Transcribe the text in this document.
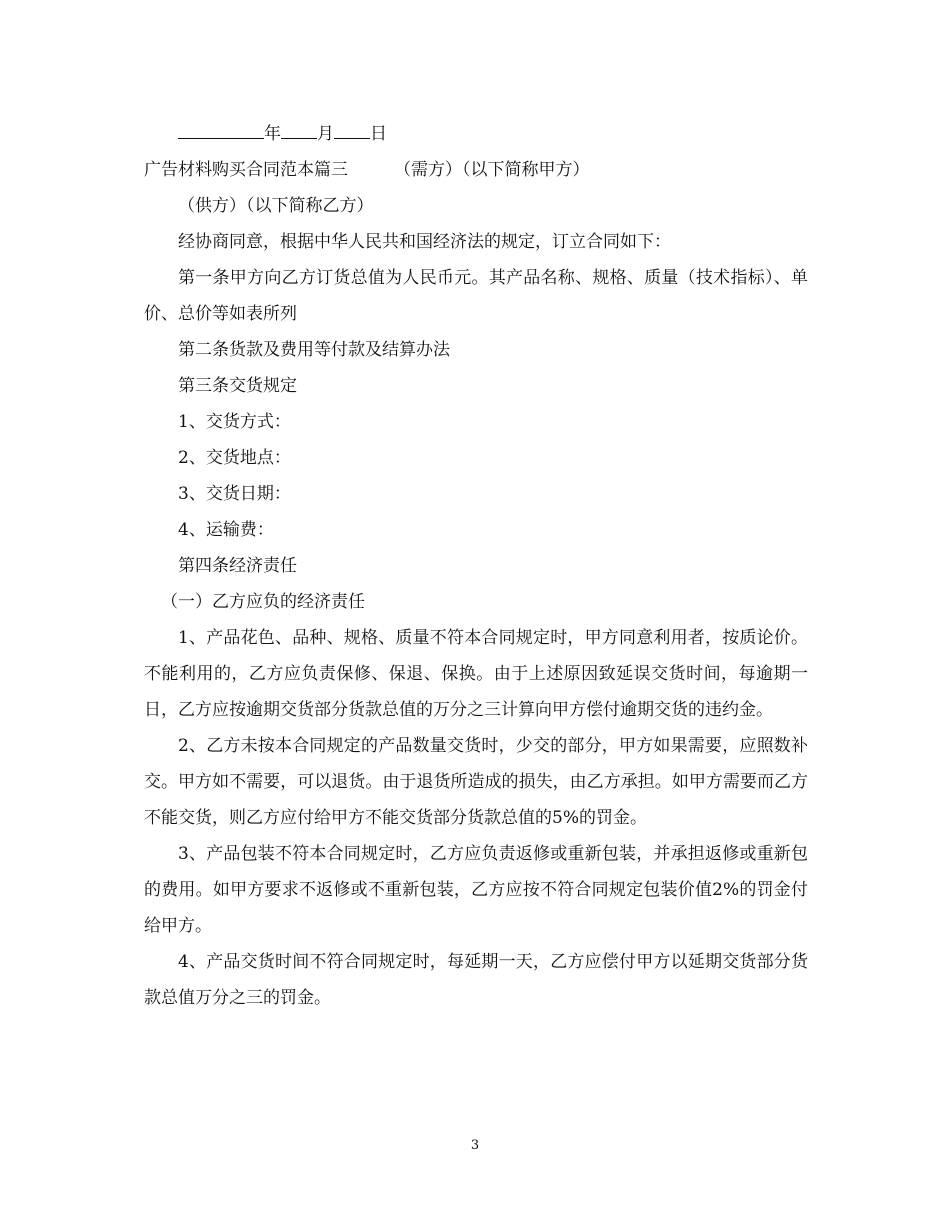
年 月 日

广告材料购买合同范本篇三	（需方）（以下简称甲方）

（供方）（以下简称乙方）

经协商同意，根据中华人民共和国经济法的规定，订立合同如下：

第一条甲方向乙方订货总值为人民币元。其产品名称、规格、质量（技术指标）、单价、总价等如表所列

第二条货款及费用等付款及结算办法

第三条交货规定

1、交货方式：

2、交货地点：

3、交货日期：

4、运输费：

第四条经济责任

（一）乙方应负的经济责任

1、产品花色、品种、规格、质量不符本合同规定时，甲方同意利用者，按质论价。不能利用的，乙方应负责保修、保退、保换。由于上述原因致延误交货时间，每逾期一日，乙方应按逾期交货部分货款总值的万分之三计算向甲方偿付逾期交货的违约金。

2、乙方未按本合同规定的产品数量交货时，少交的部分，甲方如果需要，应照数补交。甲方如不需要，可以退货。由于退货所造成的损失，由乙方承担。如甲方需要而乙方不能交货，则乙方应付给甲方不能交货部分货款总值的5%的罚金。

3、产品包装不符本合同规定时，乙方应负责返修或重新包装，并承担返修或重新包的费用。如甲方要求不返修或不重新包装，乙方应按不符合同规定包装价值2%的罚金付给甲方。

4、产品交货时间不符合同规定时，每延期一天，乙方应偿付甲方以延期交货部分货款总值万分之三的罚金。

3
